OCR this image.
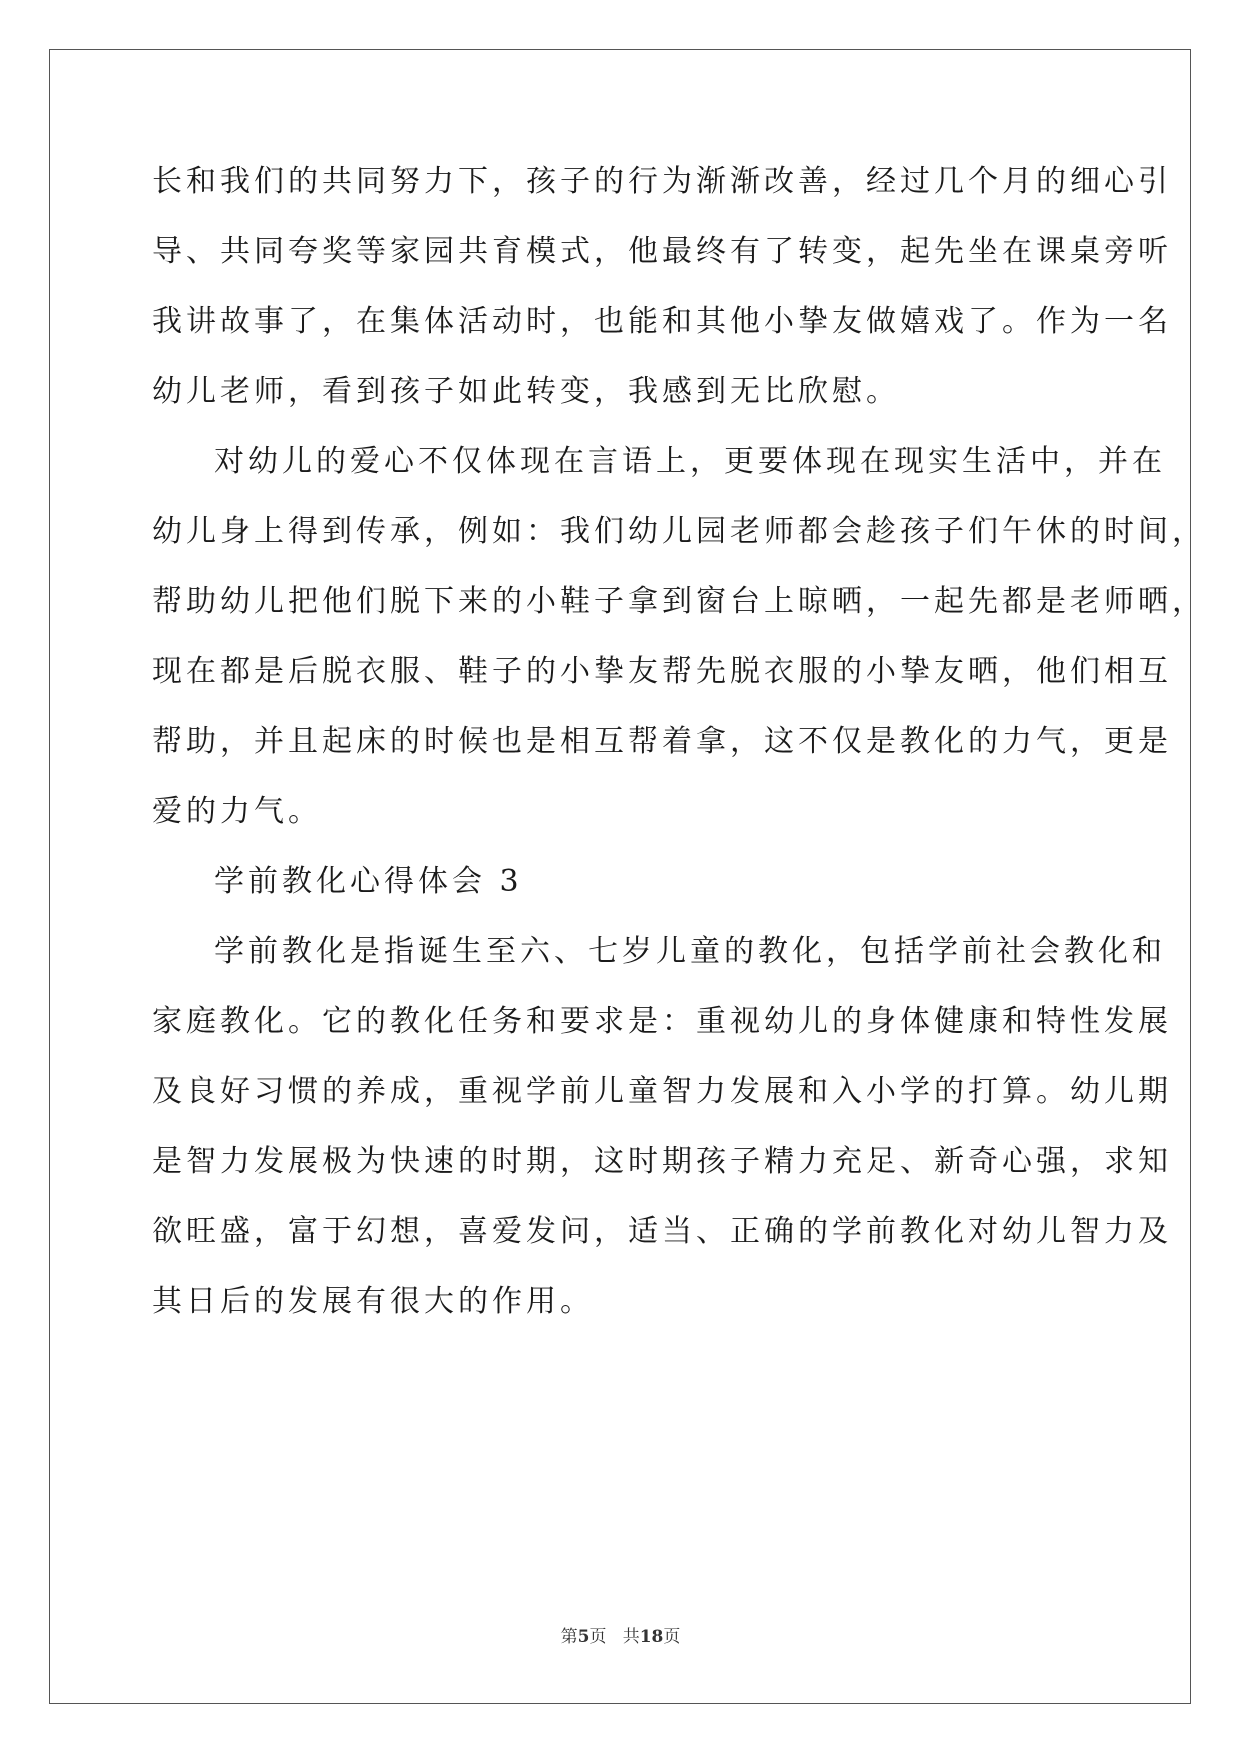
长和我们的共同努力下，孩子的行为渐渐改善，经过几个月的细心引
导、共同夸奖等家园共育模式，他最终有了转变，起先坐在课桌旁听
我讲故事了，在集体活动时，也能和其他小挚友做嬉戏了。作为一名
幼儿老师，看到孩子如此转变，我感到无比欣慰。
对幼儿的爱心不仅体现在言语上，更要体现在现实生活中，并在
幼儿身上得到传承，例如：我们幼儿园老师都会趁孩子们午休的时间，
帮助幼儿把他们脱下来的小鞋子拿到窗台上晾晒，一起先都是老师晒，
现在都是后脱衣服、鞋子的小挚友帮先脱衣服的小挚友晒，他们相互
帮助，并且起床的时候也是相互帮着拿，这不仅是教化的力气，更是
爱的力气。
学前教化心得体会 3
学前教化是指诞生至六、七岁儿童的教化，包括学前社会教化和
家庭教化。它的教化任务和要求是：重视幼儿的身体健康和特性发展
及良好习惯的养成，重视学前儿童智力发展和入小学的打算。幼儿期
是智力发展极为快速的时期，这时期孩子精力充足、新奇心强，求知
欲旺盛，富于幻想，喜爱发问，适当、正确的学前教化对幼儿智力及
其日后的发展有很大的作用。
第5页 共18页
